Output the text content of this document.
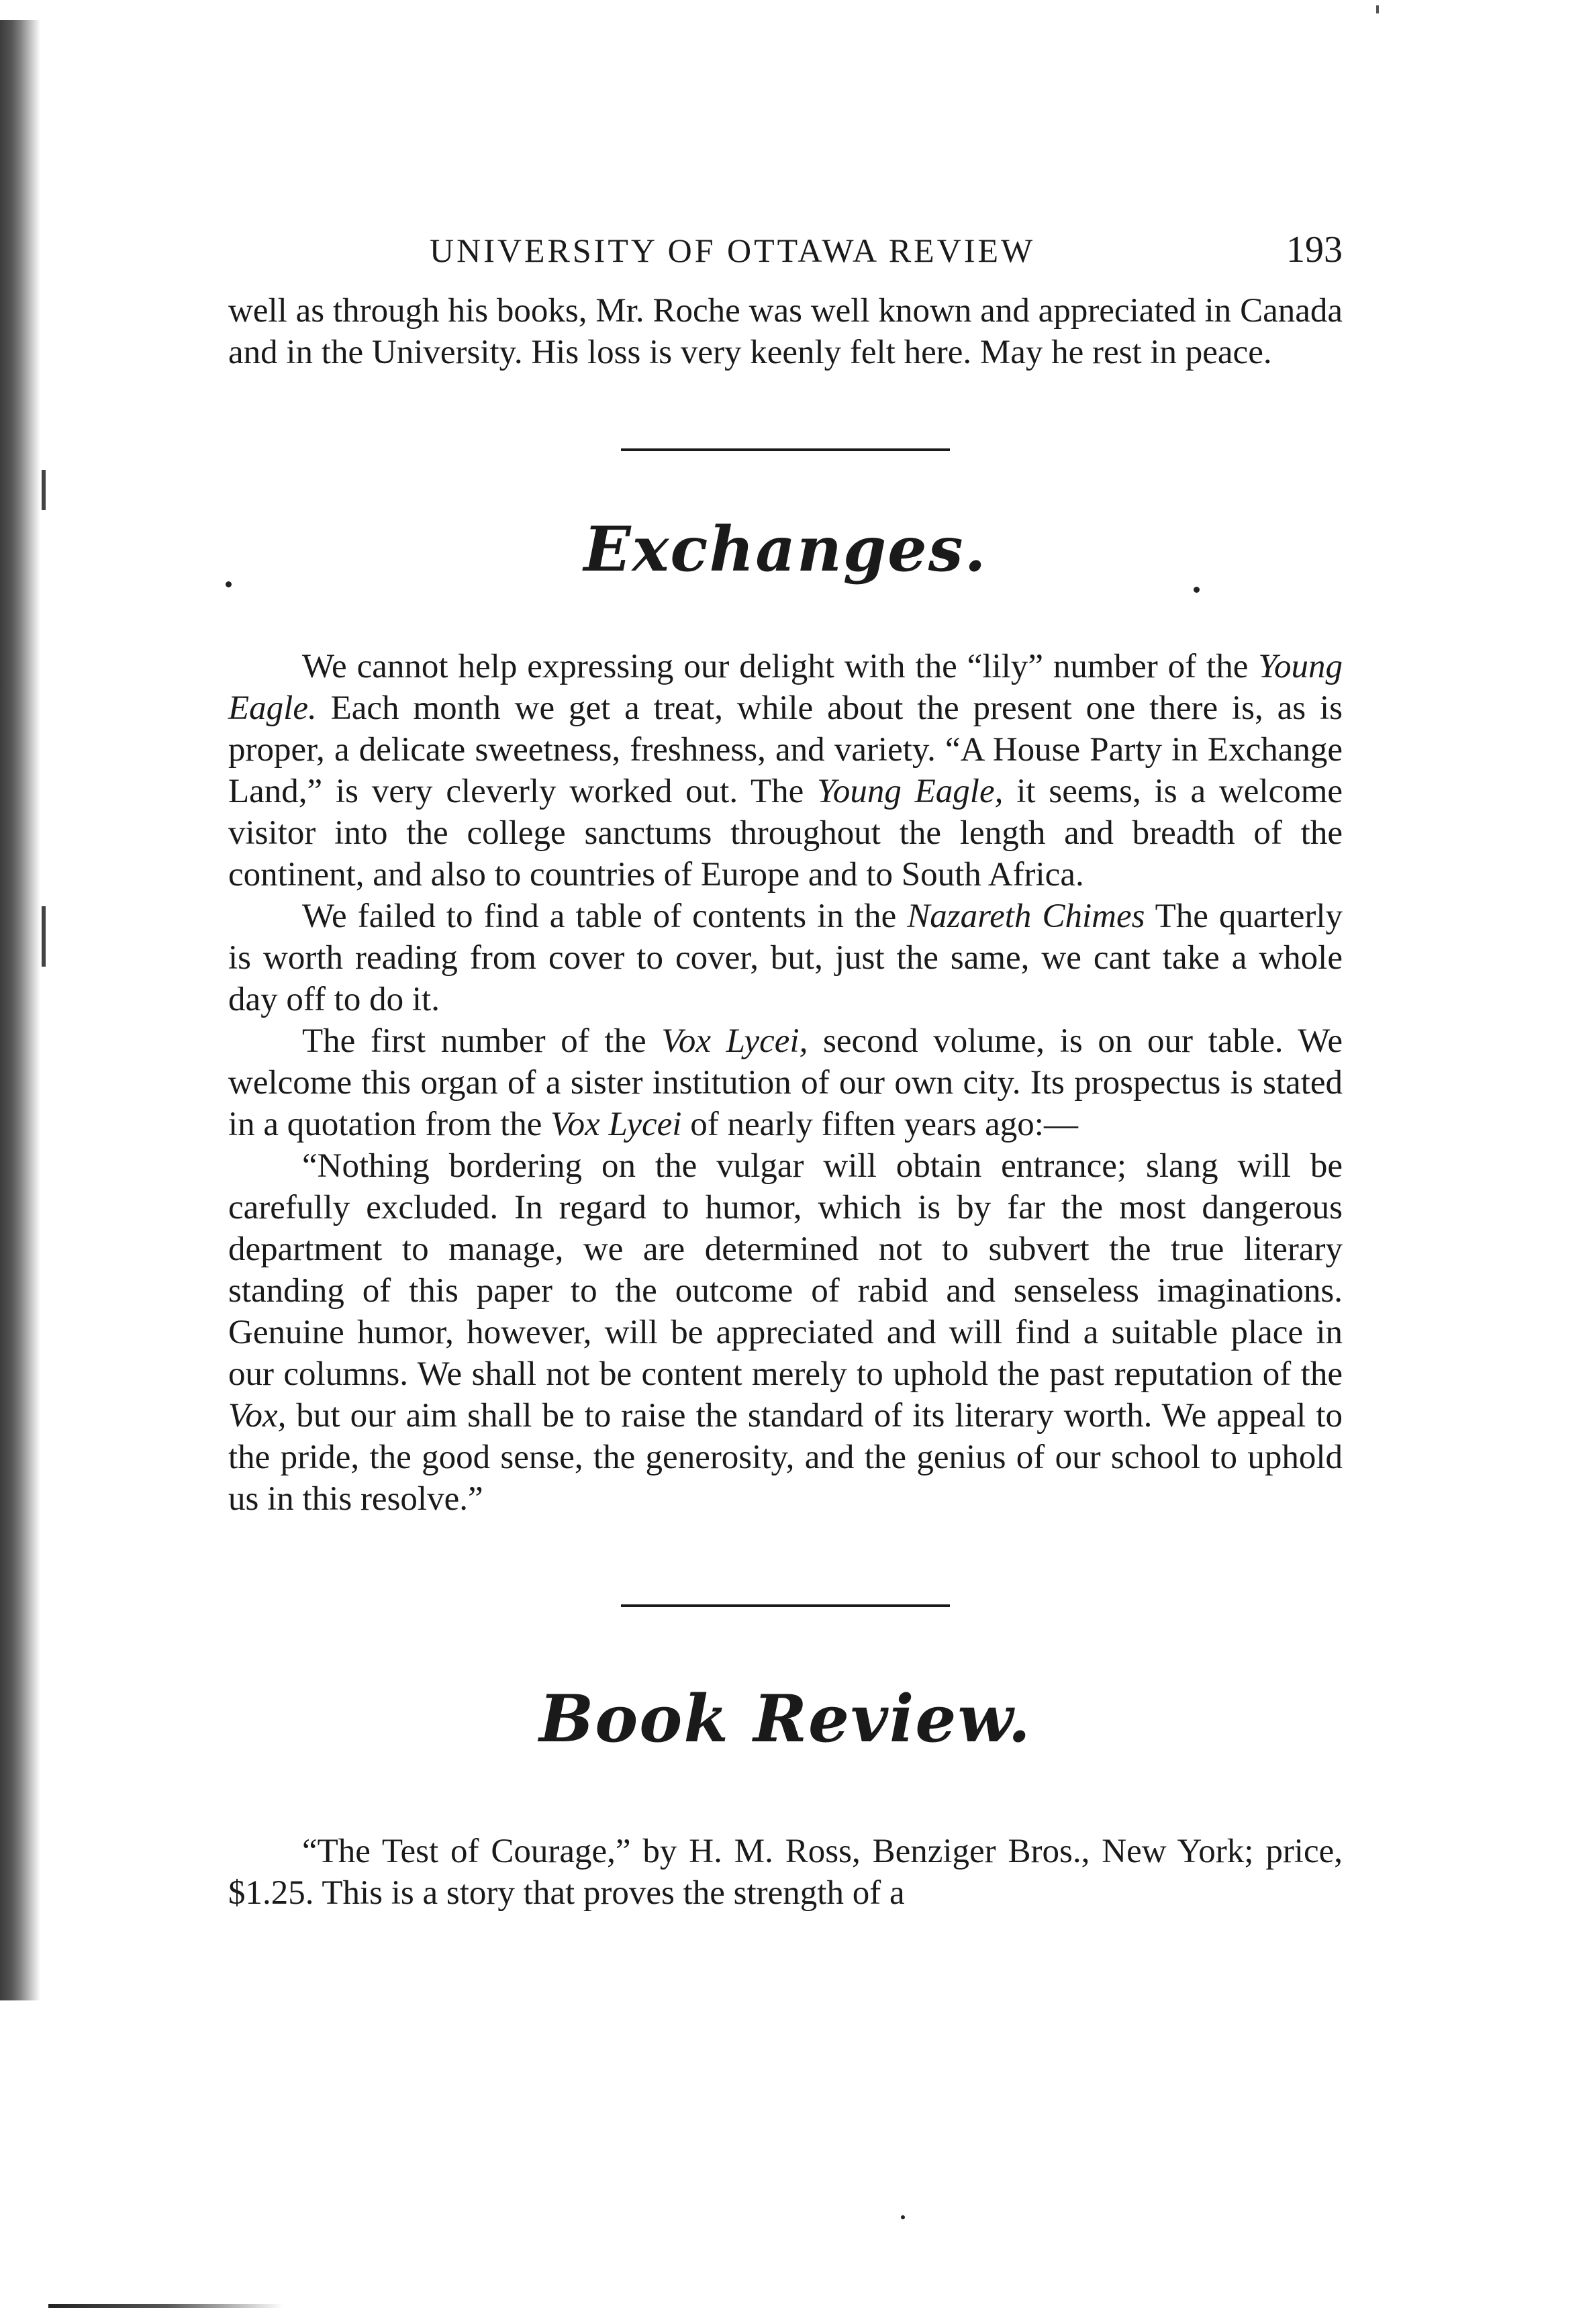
UNIVERSITY OF OTTAWA REVIEW	193

well as through his books, Mr. Roche was well known and appreciated in Canada and in the University. His loss is very keenly felt here. May he rest in peace.

Exchanges.

We cannot help expressing our delight with the “lily” number of the Young Eagle. Each month we get a treat, while about the present one there is, as is proper, a delicate sweetness, freshness, and variety. “A House Party in Exchange Land,” is very cleverly worked out. The Young Eagle, it seems, is a welcome visitor into the college sanctums throughout the length and breadth of the continent, and also to countries of Europe and to South Africa.

We failed to find a table of contents in the Nazareth Chimes The quarterly is worth reading from cover to cover, but, just the same, we cant take a whole day off to do it.

The first number of the Vox Lycei, second volume, is on our table. We welcome this organ of a sister institution of our own city. Its prospectus is stated in a quotation from the Vox Lycei of nearly fiften years ago:—

“Nothing bordering on the vulgar will obtain entrance; slang will be carefully excluded. In regard to humor, which is by far the most dangerous department to manage, we are determined not to subvert the true literary standing of this paper to the outcome of rabid and senseless imaginations. Genuine humor, however, will be appreciated and will find a suitable place in our columns. We shall not be content merely to uphold the past reputation of the Vox, but our aim shall be to raise the standard of its literary worth. We appeal to the pride, the good sense, the generosity, and the genius of our school to uphold us in this resolve.”

Book Review.

“The Test of Courage,” by H. M. Ross, Benziger Bros., New York; price, $1.25. This is a story that proves the strength of a
